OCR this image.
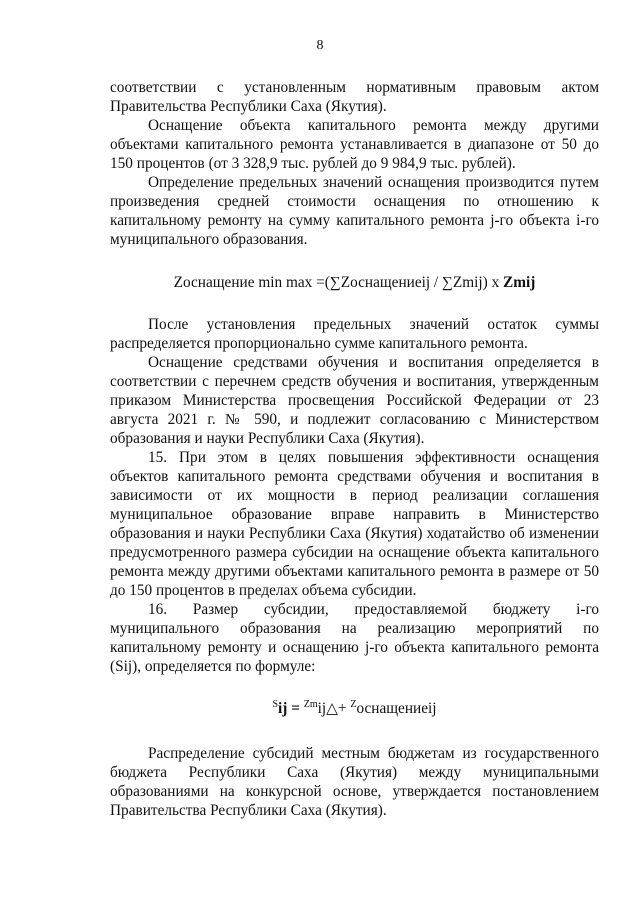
8

соответствии с установленным нормативным правовым актом Правительства Республики Саха (Якутия).

Оснащение объекта капитального ремонта между другими объектами капитального ремонта устанавливается в диапазоне от 50 до 150 процентов (от 3 328,9 тыс. рублей до 9 984,9 тыс. рублей).

Определение предельных значений оснащения производится путем произведения средней стоимости оснащения по отношению к капитальному ремонту на сумму капитального ремонта j-го объекта i-го муниципального образования.

Zоснащение min max =(∑Zоснащениеij / ∑Zmij) x Zmij

После установления предельных значений остаток суммы распределяется пропорционально сумме капитального ремонта.

Оснащение средствами обучения и воспитания определяется в соответствии с перечнем средств обучения и воспитания, утвержденным приказом Министерства просвещения Российской Федерации от 23 августа 2021 г. № 590, и подлежит согласованию с Министерством образования и науки Республики Саха (Якутия).

15. При этом в целях повышения эффективности оснащения объектов капитального ремонта средствами обучения и воспитания в зависимости от их мощности в период реализации соглашения муниципальное образование вправе направить в Министерство образования и науки Республики Саха (Якутия) ходатайство об изменении предусмотренного размера субсидии на оснащение объекта капитального ремонта между другими объектами капитального ремонта в размере от 50 до 150 процентов в пределах объема субсидии.

16. Размер субсидии, предоставляемой бюджету i-го муниципального образования на реализацию мероприятий по капитальному ремонту и оснащению j-го объекта капитального ремонта (Sij), определяется по формуле:

$^S$ij = $^{Zm}$ij△+ $^Z$оснащениеij

Распределение субсидий местным бюджетам из государственного бюджета Республики Саха (Якутия) между муниципальными образованиями на конкурсной основе, утверждается постановлением Правительства Республики Саха (Якутия).
